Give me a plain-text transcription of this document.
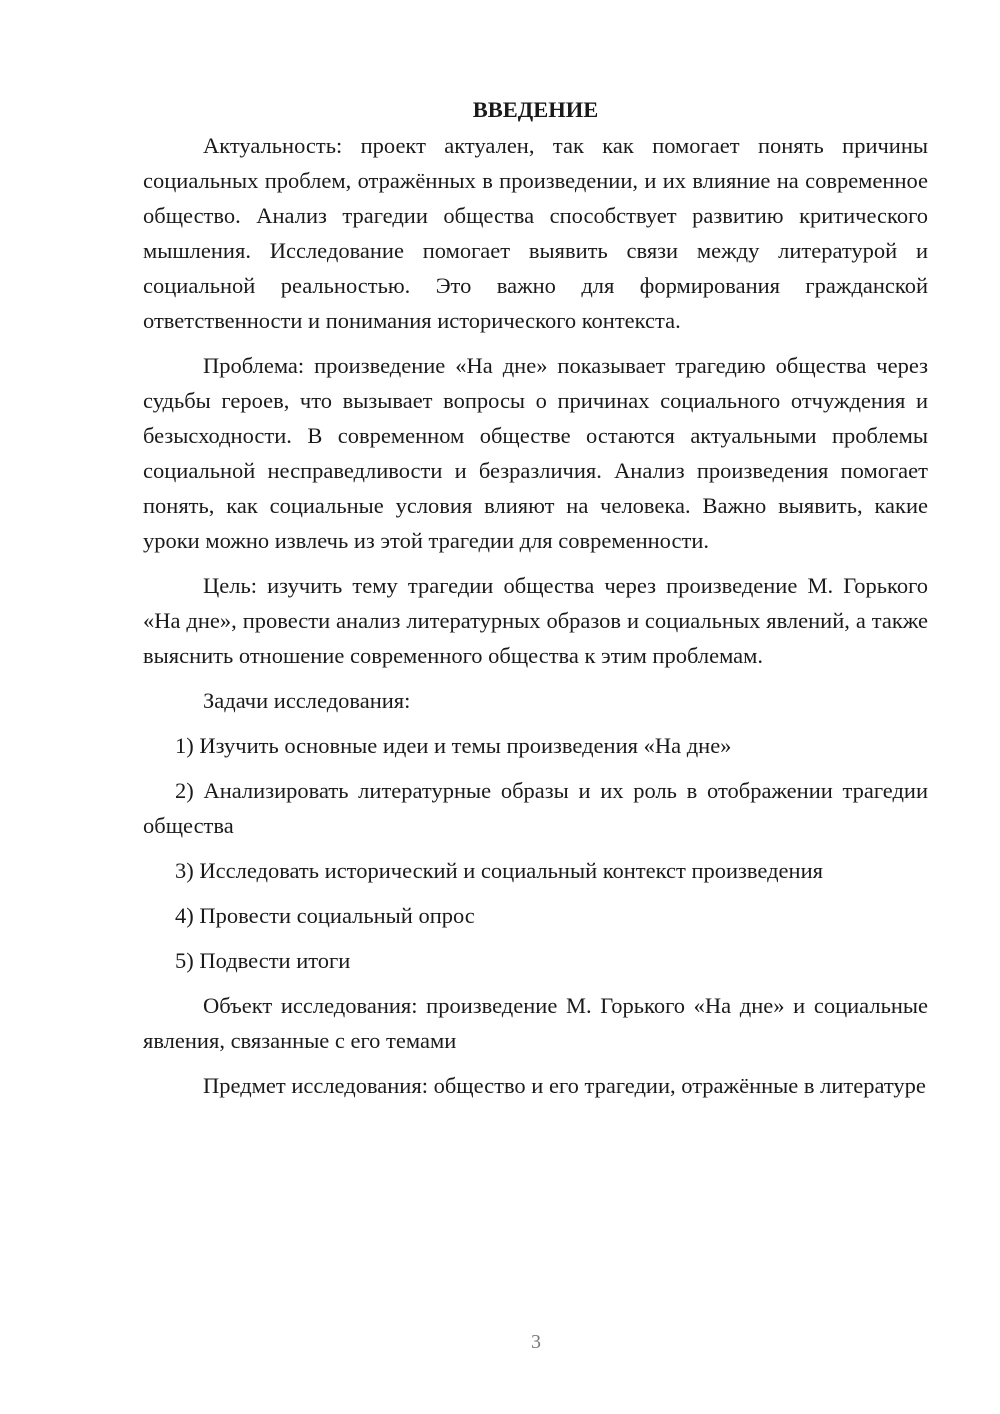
ВВЕДЕНИЕ

Актуальность: проект актуален, так как помогает понять причины социальных проблем, отражённых в произведении, и их влияние на современное общество. Анализ трагедии общества способствует развитию критического мышления. Исследование помогает выявить связи между литературой и социальной реальностью. Это важно для формирования гражданской ответственности и понимания исторического контекста.

Проблема: произведение «На дне» показывает трагедию общества через судьбы героев, что вызывает вопросы о причинах социального отчуждения и безысходности. В современном обществе остаются актуальными проблемы социальной несправедливости и безразличия. Анализ произведения помогает понять, как социальные условия влияют на человека. Важно выявить, какие уроки можно извлечь из этой трагедии для современности.

Цель: изучить тему трагедии общества через произведение М. Горького «На дне», провести анализ литературных образов и социальных явлений, а также выяснить отношение современного общества к этим проблемам.

Задачи исследования:

1) Изучить основные идеи и темы произведения «На дне»

2) Анализировать литературные образы и их роль в отображении трагедии общества

3) Исследовать исторический и социальный контекст произведения

4) Провести социальный опрос

5) Подвести итоги

Объект исследования: произведение М. Горького «На дне» и социальные явления, связанные с его темами

Предмет исследования: общество и его трагедии, отражённые в литературе

3
